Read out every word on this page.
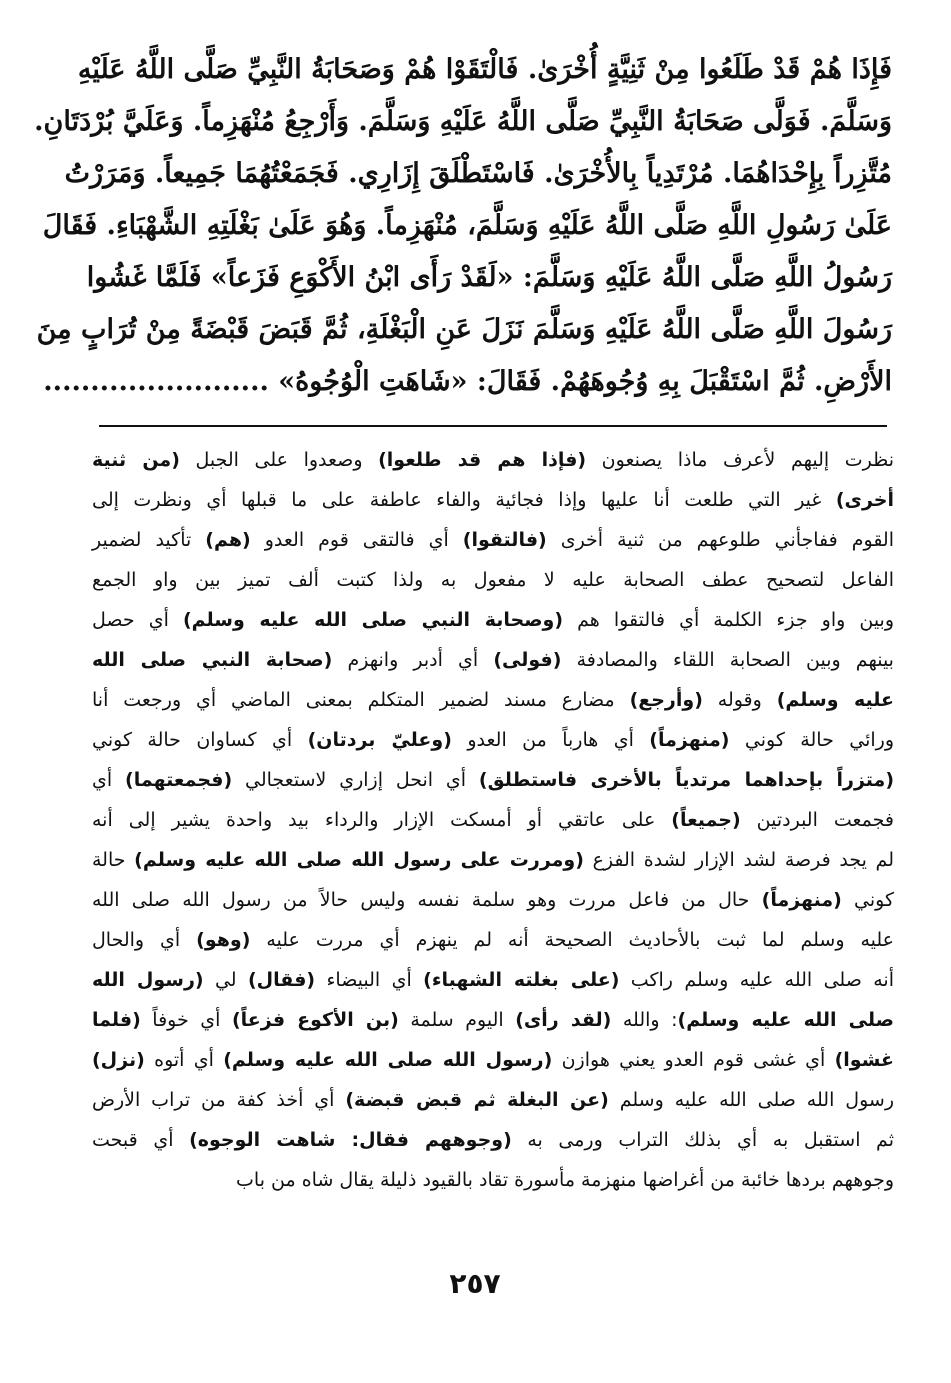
فَإِذَا هُمْ قَدْ طَلَعُوا مِنْ ثَنِيَّةٍ أُخْرَىٰ. فَالْتَقَوْا هُمْ وَصَحَابَةُ النَّبِيِّ صَلَّى اللَّهُ عَلَيْهِ
وَسَلَّمَ. فَوَلَّى صَحَابَةُ النَّبِيِّ صَلَّى اللَّهُ عَلَيْهِ وَسَلَّمَ. وَأَرْجِعُ مُنْهَزِماً. وَعَلَيَّ بُرْدَتَانِ.
مُتَّزِراً بِإِحْدَاهُمَا. مُرْتَدِياً بِالأُخْرَىٰ. فَاسْتَطْلَقَ إِزَارِي. فَجَمَعْتُهُمَا جَمِيعاً. وَمَرَرْتُ
عَلَىٰ رَسُولِ اللَّهِ صَلَّى اللَّهُ عَلَيْهِ وَسَلَّمَ، مُنْهَزِماً. وَهُوَ عَلَىٰ بَغْلَتِهِ الشَّهْبَاءِ. فَقَالَ
رَسُولُ اللَّهِ صَلَّى اللَّهُ عَلَيْهِ وَسَلَّمَ: «لَقَدْ رَأَى ابْنُ الأَكْوَعِ فَزَعاً» فَلَمَّا غَشُوا
رَسُولَ اللَّهِ صَلَّى اللَّهُ عَلَيْهِ وَسَلَّمَ نَزَلَ عَنِ الْبَغْلَةِ، ثُمَّ قَبَضَ قَبْضَةً مِنْ تُرَابٍ مِنَ
الأَرْضِ. ثُمَّ اسْتَقْبَلَ بِهِ وُجُوهَهُمْ. فَقَالَ: «شَاهَتِ الْوُجُوهُ» ........................
نظرت إليهم لأعرف ماذا يصنعون (فإذا هم قد طلعوا) وصعدوا على الجبل (من ثنية
أخرى) غير التي طلعت أنا عليها وإذا فجائية والفاء عاطفة على ما قبلها أي ونظرت إلى
القوم ففاجأني طلوعهم من ثنية أخرى (فالتقوا) أي فالتقى قوم العدو (هم) تأكيد لضمير
الفاعل لتصحيح عطف الصحابة عليه لا مفعول به ولذا كتبت ألف تميز بين واو الجمع
وبين واو جزء الكلمة أي فالتقوا هم (وصحابة النبي صلى الله عليه وسلم) أي حصل
بينهم وبين الصحابة اللقاء والمصادفة (فولى) أي أدبر وانهزم (صحابة النبي صلى الله
عليه وسلم) وقوله (وأرجع) مضارع مسند لضمير المتكلم بمعنى الماضي أي ورجعت أنا
ورائي حالة كوني (منهزماً) أي هارباً من العدو (وعليّ بردتان) أي كساوان حالة كوني
(متزراً بإحداهما مرتدياً بالأخرى فاستطلق) أي انحل إزاري لاستعجالي (فجمعتهما) أي
فجمعت البردتين (جميعاً) على عاتقي أو أمسكت الإزار والرداء بيد واحدة يشير إلى أنه
لم يجد فرصة لشد الإزار لشدة الفزع (ومررت على رسول الله صلى الله عليه وسلم) حالة
كوني (منهزماً) حال من فاعل مررت وهو سلمة نفسه وليس حالاً من رسول الله صلى الله
عليه وسلم لما ثبت بالأحاديث الصحيحة أنه لم ينهزم أي مررت عليه (وهو) أي والحال
أنه صلى الله عليه وسلم راكب (على بغلته الشهباء) أي البيضاء (فقال) لي (رسول الله
صلى الله عليه وسلم): والله (لقد رأى) اليوم سلمة (بن الأكوع فزعاً) أي خوفاً (فلما
غشوا) أي غشى قوم العدو يعني هوازن (رسول الله صلى الله عليه وسلم) أي أتوه (نزل)
رسول الله صلى الله عليه وسلم (عن البغلة ثم قبض قبضة) أي أخذ كفة من تراب الأرض
ثم استقبل به أي بذلك التراب ورمى به (وجوههم فقال: شاهت الوجوه) أي قبحت
وجوههم بردها خائبة من أغراضها منهزمة مأسورة تقاد بالقيود ذليلة يقال شاه من باب
٢٥٧
